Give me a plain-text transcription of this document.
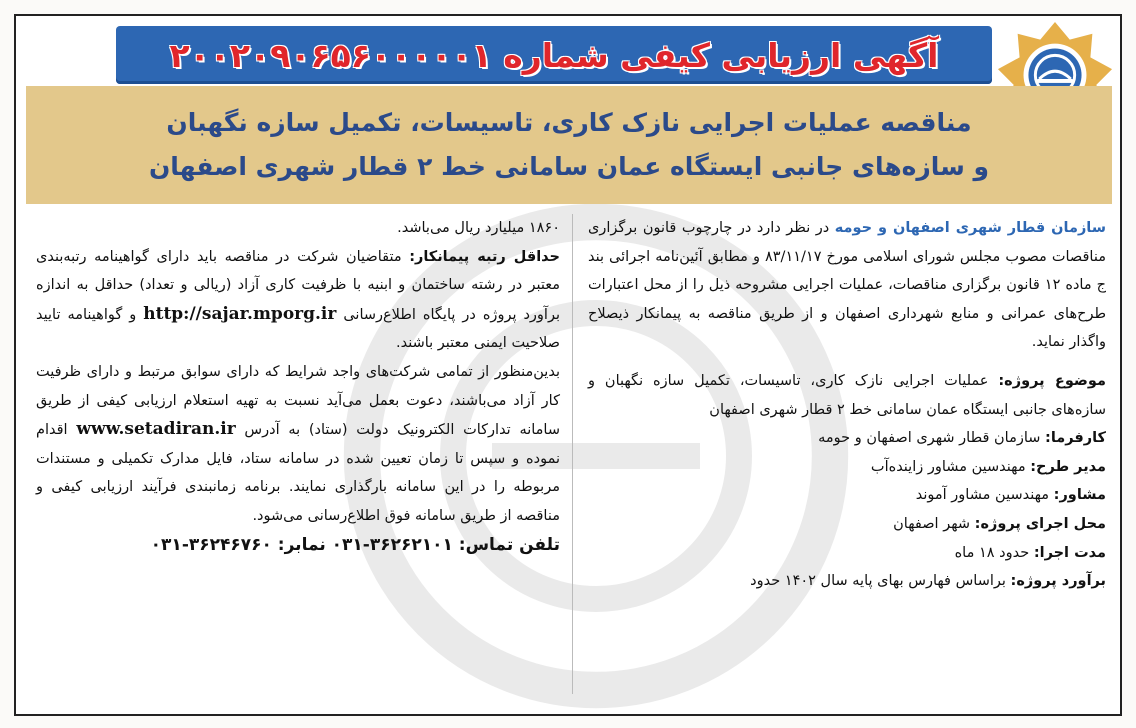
آگهی ارزیابی کیفی شماره ۲۰۰۲۰۹۰۶۵۶۰۰۰۰۰۱
مناقصه عملیات اجرایی نازک کاری، تاسیسات، تکمیل سازه نگهبان
و سازه‌های جانبی ایستگاه عمان سامانی خط ۲ قطار شهری اصفهان

سازمان قطار شهری اصفهان و حومه در نظر دارد در چارچوب قانون برگزاری مناقصات مصوب مجلس شورای اسلامی مورخ ۸۳/۱۱/۱۷ و مطابق آئین‌نامه اجرائی بند ج ماده ۱۲ قانون برگزاری مناقصات، عملیات اجرایی مشروحه ذیل را از محل اعتبارات طرح‌های عمرانی و منابع شهرداری اصفهان و از طریق مناقصه به پیمانکار ذیصلاح واگذار نماید.

موضوع پروژه: عملیات اجرایی نازک کاری، تاسیسات، تکمیل سازه نگهبان و سازه‌های جانبی ایستگاه عمان سامانی خط ۲ قطار شهری اصفهان

کارفرما: سازمان قطار شهری اصفهان و حومه

مدیر طرح: مهندسین مشاور زاینده‌آب

مشاور: مهندسین مشاور آموند

محل اجرای پروژه: شهر اصفهان

مدت اجرا: حدود ۱۸ ماه

برآورد پروژه: براساس فهارس بهای پایه سال ۱۴۰۲ حدود

۱۸۶۰ میلیارد ریال می‌باشد.

حداقل رتبه پیمانکار: متقاضیان شرکت در مناقصه باید دارای گواهینامه رتبه‌بندی معتبر در رشته ساختمان و ابنیه با ظرفیت کاری آزاد (ریالی و تعداد) حداقل به اندازه برآورد پروژه در پایگاه اطلاع‌رسانی http://sajar.mporg.ir و گواهینامه تایید صلاحیت ایمنی معتبر باشند.

بدین‌منظور از تمامی شرکت‌های واجد شرایط که دارای سوابق مرتبط و دارای ظرفیت کار آزاد می‌باشند، دعوت بعمل می‌آید نسبت به تهیه استعلام ارزیابی کیفی از طریق سامانه تدارکات الکترونیک دولت (ستاد) به آدرس www.setadiran.ir اقدام نموده و سپس تا زمان تعیین شده در سامانه ستاد، فایل مدارک تکمیلی و مستندات مربوطه را در این سامانه بارگذاری نمایند. برنامه زمانبندی فرآیند ارزیابی کیفی و مناقصه از طریق سامانه فوق اطلاع‌رسانی می‌شود.

تلفن تماس: ۳۶۲۶۲۱۰۱-۰۳۱ نمابر: ۳۶۲۴۶۷۶۰-۰۳۱
